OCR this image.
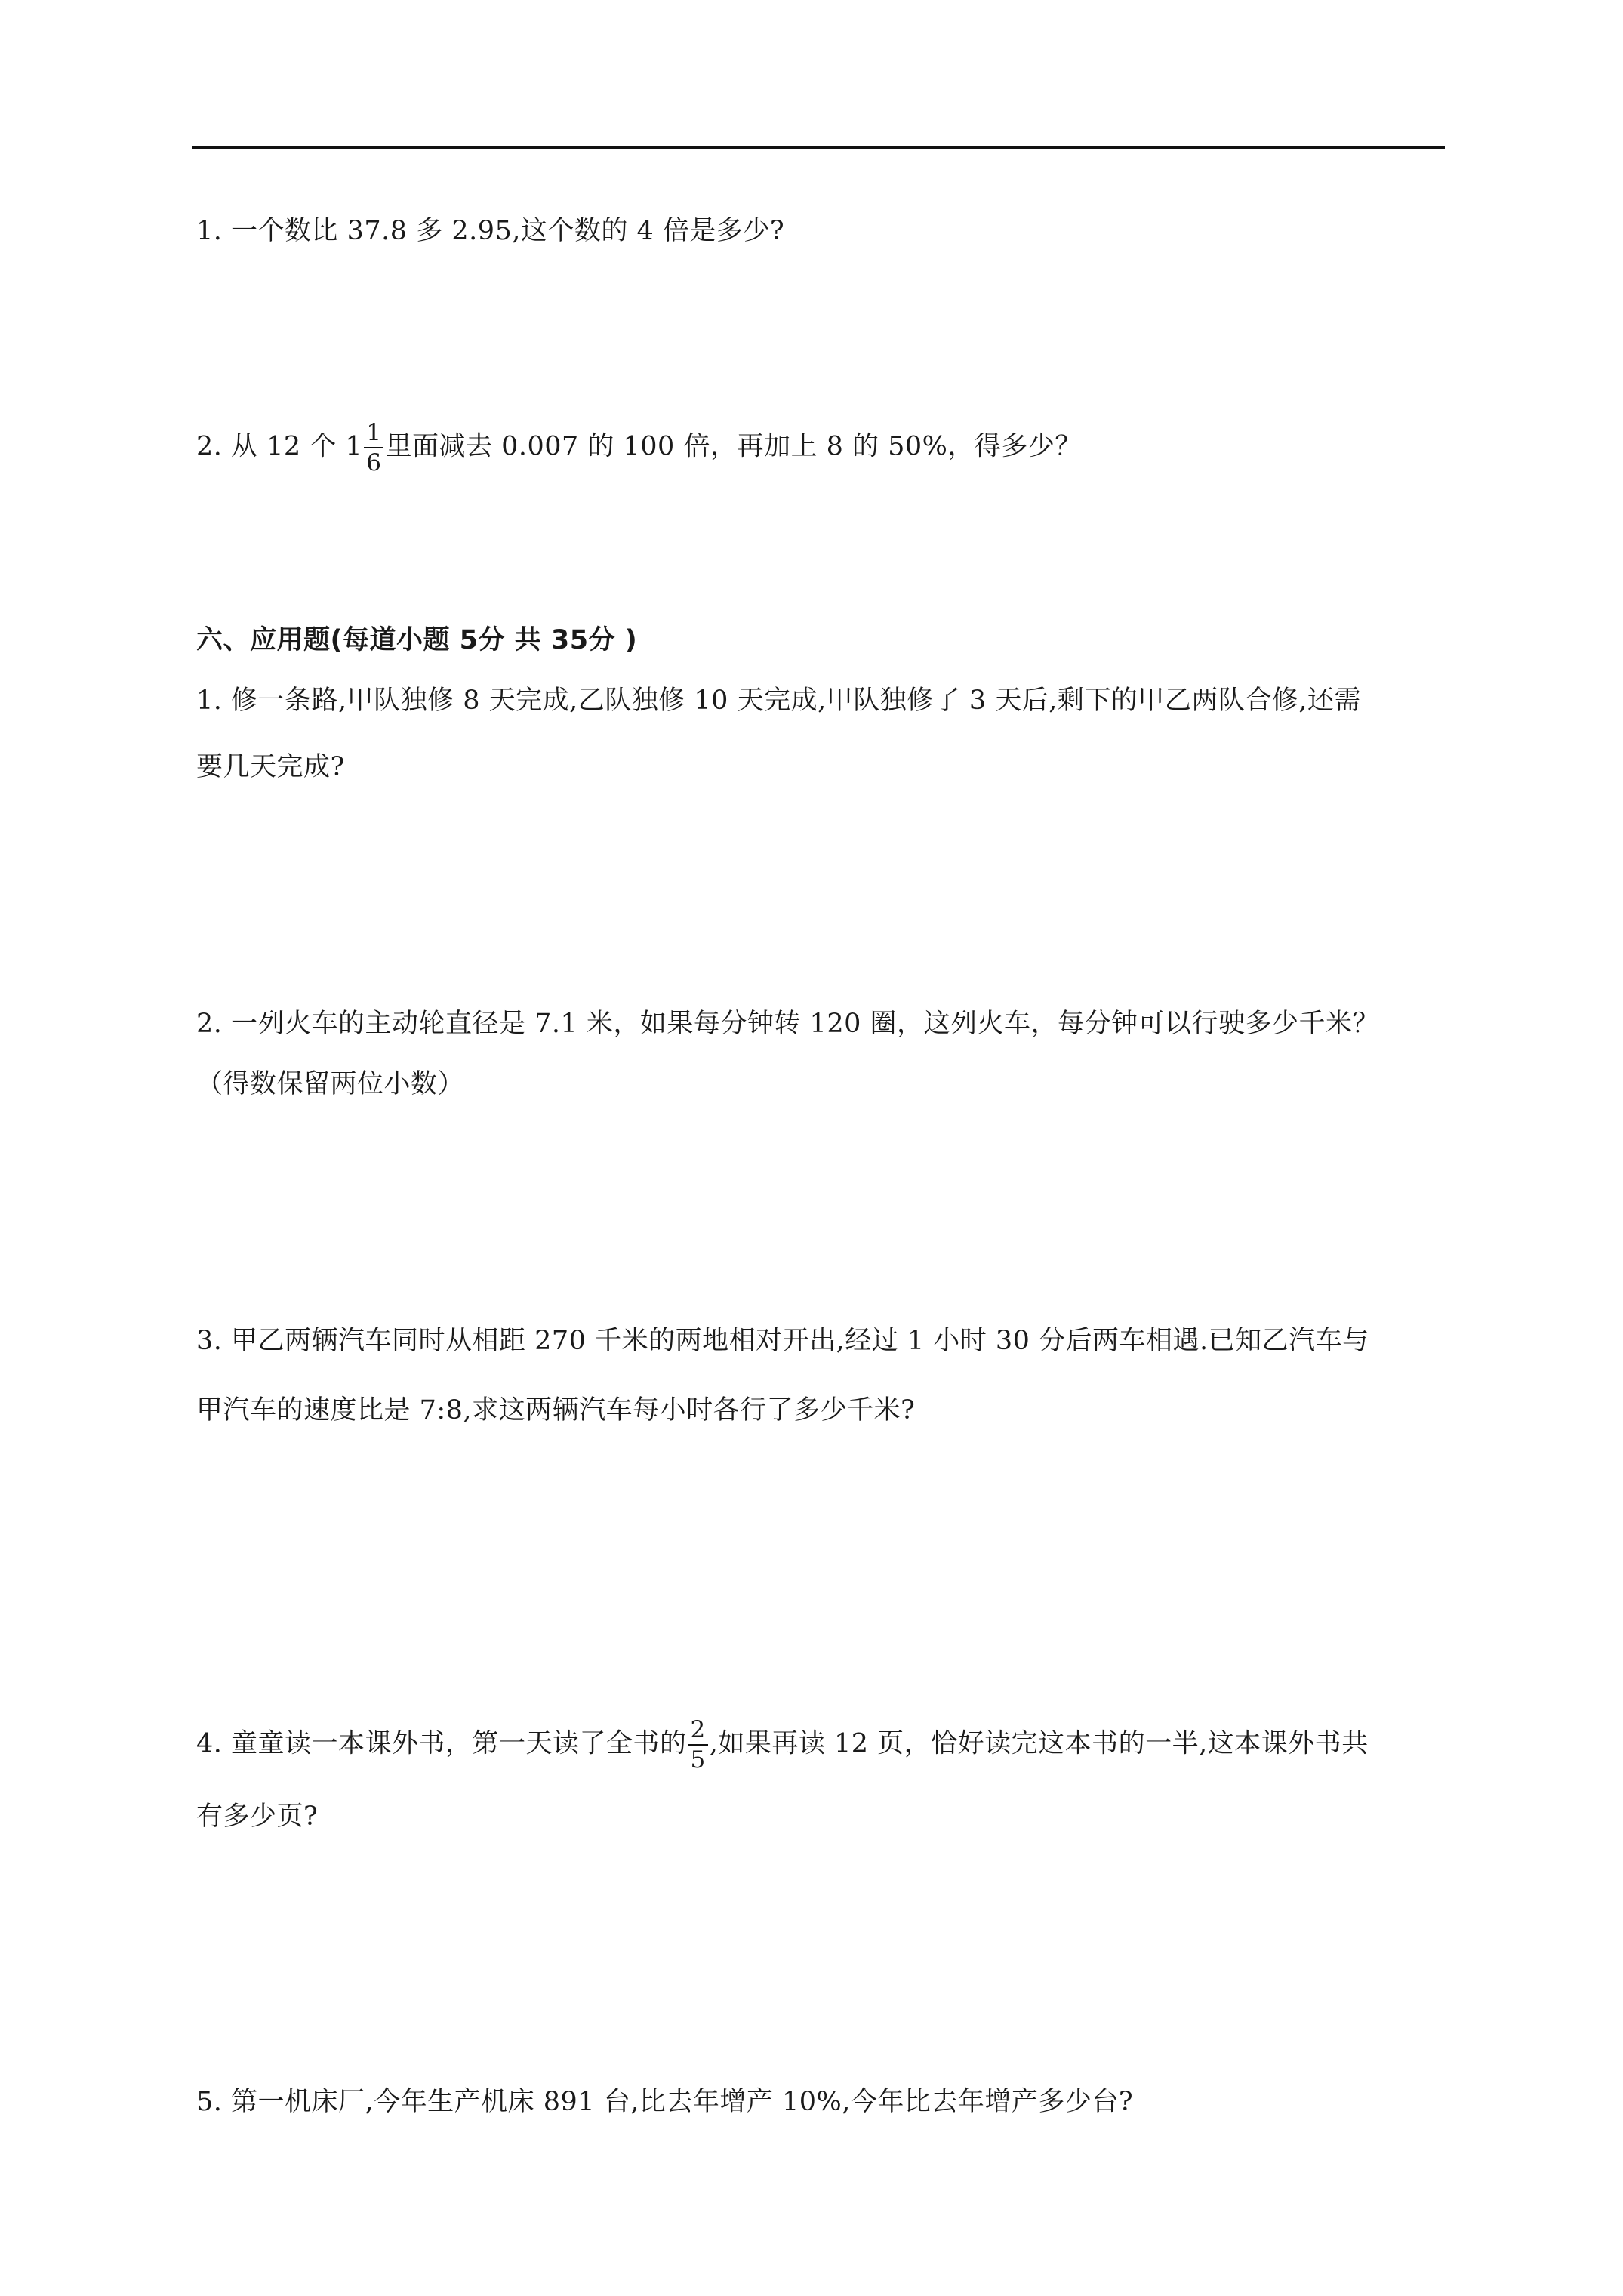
1. 一个数比 37.8 多 2.95,这个数的 4 倍是多少?
2. 从 12 个 $1 \frac{1}{6}$ 里面减去 0.007 的 100 倍，再加上 8 的 50%，得多少？
六、应用题(每道小题 5分 共 35分 )
1. 修一条路,甲队独修 8 天完成,乙队独修 10 天完成,甲队独修了 3 天后,剩下的甲乙两队合修,还需
要几天完成?
2. 一列火车的主动轮直径是 7.1 米，如果每分钟转 120 圈，这列火车，每分钟可以行驶多少千米？
（得数保留两位小数）
3. 甲乙两辆汽车同时从相距 270 千米的两地相对开出,经过 1 小时 30 分后两车相遇.已知乙汽车与
甲汽车的速度比是 7:8,求这两辆汽车每小时各行了多少千米?
4. 童童读一本课外书，第一天读了全书的 $\frac{2}{5}$ ,如果再读 12 页，恰好读完这本书的一半,这本课外书共
有多少页?
5. 第一机床厂,今年生产机床 891 台,比去年增产 10%,今年比去年增产多少台?
